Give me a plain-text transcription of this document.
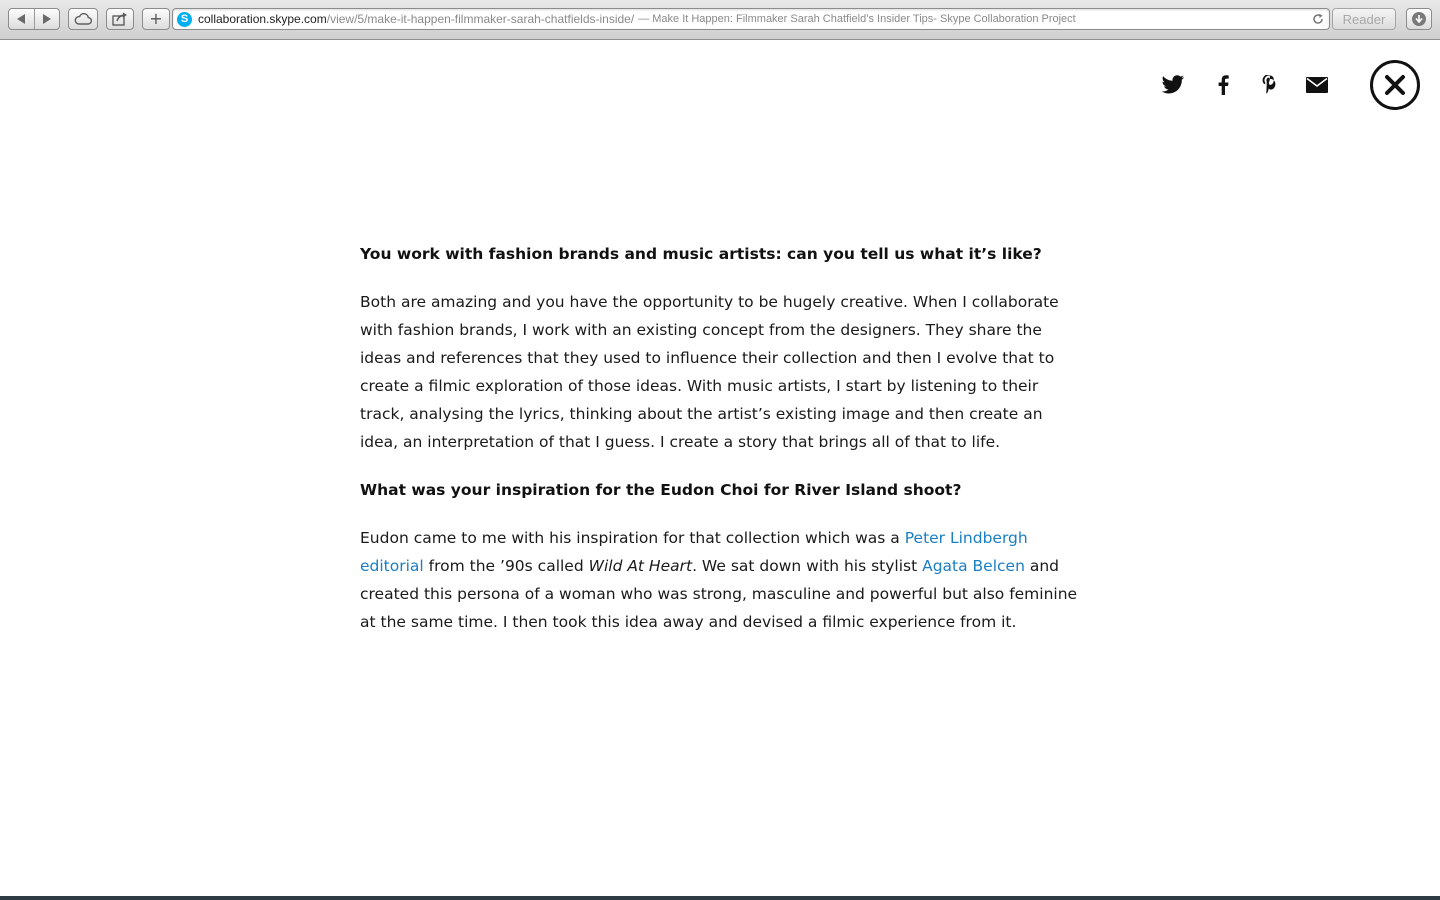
+	S collaboration.skype.com /view/5/make-it-happen-filmmaker-sarah-chatfields-inside/ — Make It Happen: Filmmaker Sarah Chatfield’s Insider Tips- Skype Collaboration Project	Reader

You work with fashion brands and music artists: can you tell us what it’s like?

Both are amazing and you have the opportunity to be hugely creative. When I collaborate with fashion brands, I work with an existing concept from the designers. They share the ideas and references that they used to influence their collection and then I evolve that to create a filmic exploration of those ideas. With music artists, I start by listening to their track, analysing the lyrics, thinking about the artist’s existing image and then create an idea, an interpretation of that I guess. I create a story that brings all of that to life.

What was your inspiration for the Eudon Choi for River Island shoot?

Eudon came to me with his inspiration for that collection which was a Peter Lindbergh editorial from the ’90s called Wild At Heart. We sat down with his stylist Agata Belcen and created this persona of a woman who was strong, masculine and powerful but also feminine at the same time. I then took this idea away and devised a filmic experience from it.
